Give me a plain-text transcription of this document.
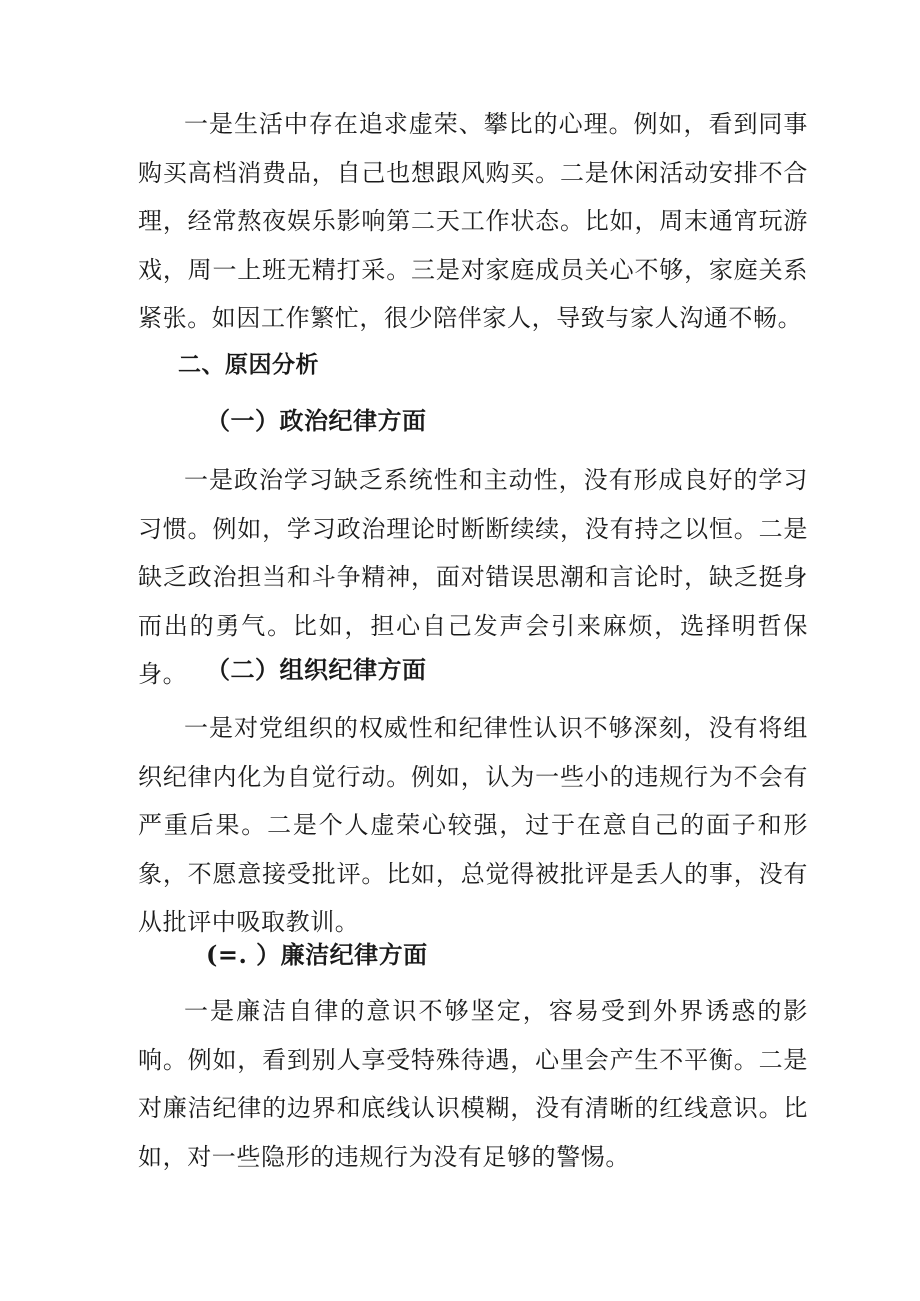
一是生活中存在追求虚荣、攀比的心理。例如，看到同事购买高档消费品，自己也想跟风购买。二是休闲活动安排不合理，经常熬夜娱乐影响第二天工作状态。比如，周末通宵玩游戏，周一上班无精打采。三是对家庭成员关心不够，家庭关系紧张。如因工作繁忙，很少陪伴家人，导致与家人沟通不畅。

二、原因分析
（一）政治纪律方面

一是政治学习缺乏系统性和主动性，没有形成良好的学习习惯。例如，学习政治理论时断断续续，没有持之以恒。二是缺乏政治担当和斗争精神，面对错误思潮和言论时，缺乏挺身而出的勇气。比如，担心自己发声会引来麻烦，选择明哲保身。 （二）组织纪律方面

一是对党组织的权威性和纪律性认识不够深刻，没有将组织纪律内化为自觉行动。例如，认为一些小的违规行为不会有严重后果。二是个人虚荣心较强，过于在意自己的面子和形象，不愿意接受批评。比如，总觉得被批评是丢人的事，没有从批评中吸取教训。

(=. ）廉洁纪律方面

一是廉洁自律的意识不够坚定，容易受到外界诱惑的影响。例如，看到别人享受特殊待遇，心里会产生不平衡。二是对廉洁纪律的边界和底线认识模糊，没有清晰的红线意识。比如，对一些隐形的违规行为没有足够的警惕。
